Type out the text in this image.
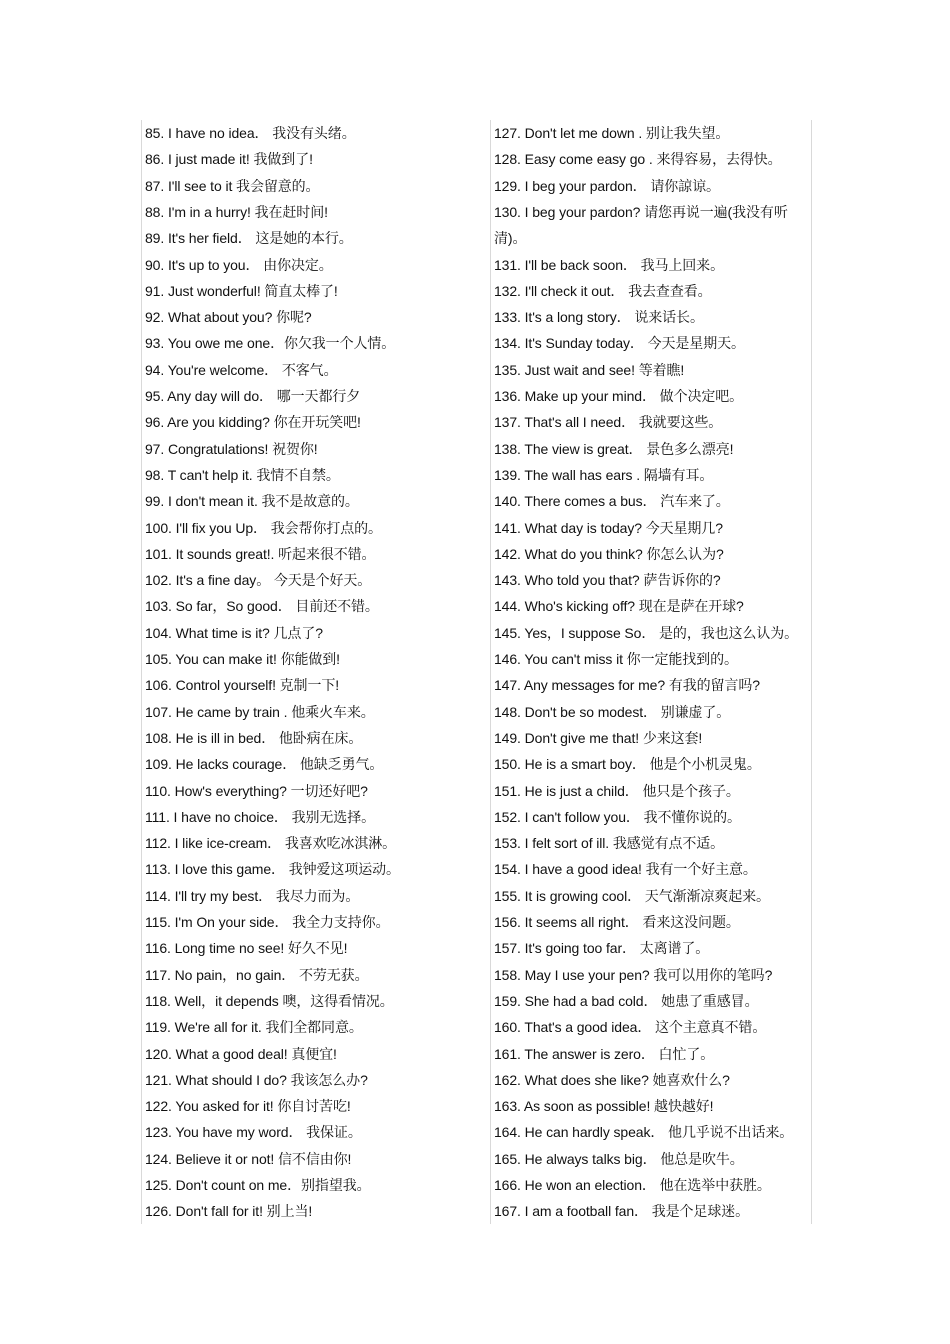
85. I have no idea． 我没有头绪。
86. I just made it! 我做到了!
87. I'll see to it 我会留意的。
88. I'm in a hurry! 我在赶时间!
89. It's her field． 这是她的本行。
90. It's up to you． 由你决定。
91. Just wonderful! 简直太棒了!
92. What about you? 你呢?
93. You owe me one．你欠我一个人情。
94. You're welcome． 不客气。
95. Any day will do． 哪一天都行夕
96. Are you kidding? 你在开玩笑吧!
97. Congratulations! 祝贺你!
98. T can't help it. 我情不自禁。
99. I don't mean it. 我不是故意的。
100. I'll fix you Up． 我会帮你打点的。
101. It sounds great!. 听起来很不错。
102. It's a fine day。 今天是个好天。
103. So far，So good． 目前还不错。
104. What time is it? 几点了?
105. You can make it! 你能做到!
106. Control yourself! 克制一下!
107. He came by train . 他乘火车来。
108. He is ill in bed． 他卧病在床。
109. He lacks courage． 他缺乏勇气。
110. How's everything? 一切还好吧?
111. I have no choice． 我别无选择。
112. I like ice-cream． 我喜欢吃冰淇淋。
113. I love this game． 我钟爱这项运动。
114. I'll try my best． 我尽力而为。
115. I'm On your side． 我全力支持你。
116. Long time no see! 好久不见!
117. No pain，no gain． 不劳无获。
118. Well，it depends 噢，这得看情况。
119. We're all for it. 我们全都同意。
120. What a good deal! 真便宜!
121. What should I do? 我该怎么办?
122. You asked for it! 你自讨苦吃!
123. You have my word． 我保证。
124. Believe it or not! 信不信由你!
125. Don't count on me．别指望我。
126. Don't fall for it! 别上当!
127. Don't let me down . 别让我失望。
128. Easy come easy go . 来得容易，去得快。
129. I beg your pardon． 请你諒谅。
130. I beg your pardon? 请您再说一遍(我没有听
清)。
131. I'll be back soon． 我马上回来。
132. I'll check it out． 我去查查看。
133. It's a long story． 说来话长。
134. It's Sunday today． 今天是星期天。
135. Just wait and see! 等着瞧!
136. Make up your mind． 做个决定吧。
137. That's all I need． 我就要这些。
138. The view is great． 景色多么漂亮!
139. The wall has ears . 隔墙有耳。
140. There comes a bus． 汽车来了。
141. What day is today? 今天星期几?
142. What do you think? 你怎么认为?
143. Who told you that? 萨告诉你的?
144. Who's kicking off? 现在是萨在开球?
145. Yes，I suppose So． 是的，我也这么认为。
146. You can't miss it 你一定能找到的。
147. Any messages for me? 有我的留言吗?
148. Don't be so modest． 别谦虚了。
149. Don't give me that! 少来这套!
150. He is a smart boy． 他是个小机灵鬼。
151. He is just a child． 他只是个孩子。
152. I can't follow you． 我不懂你说的。
153. I felt sort of ill. 我感觉有点不适。
154. I have a good idea! 我有一个好主意。
155. It is growing cool． 天气渐渐凉爽起来。
156. It seems all right． 看来这没问题。
157. It's going too far． 太离谱了。
158. May I use your pen? 我可以用你的笔吗?
159. She had a bad cold． 她患了重感冒。
160. That's a good idea． 这个主意真不错。
161. The answer is zero． 白忙了。
162. What does she like? 她喜欢什么?
163. As soon as possible! 越快越好!
164. He can hardly speak． 他几乎说不出话来。
165. He always talks big． 他总是吹牛。
166. He won an election． 他在选举中获胜。
167. I am a football fan． 我是个足球迷。
